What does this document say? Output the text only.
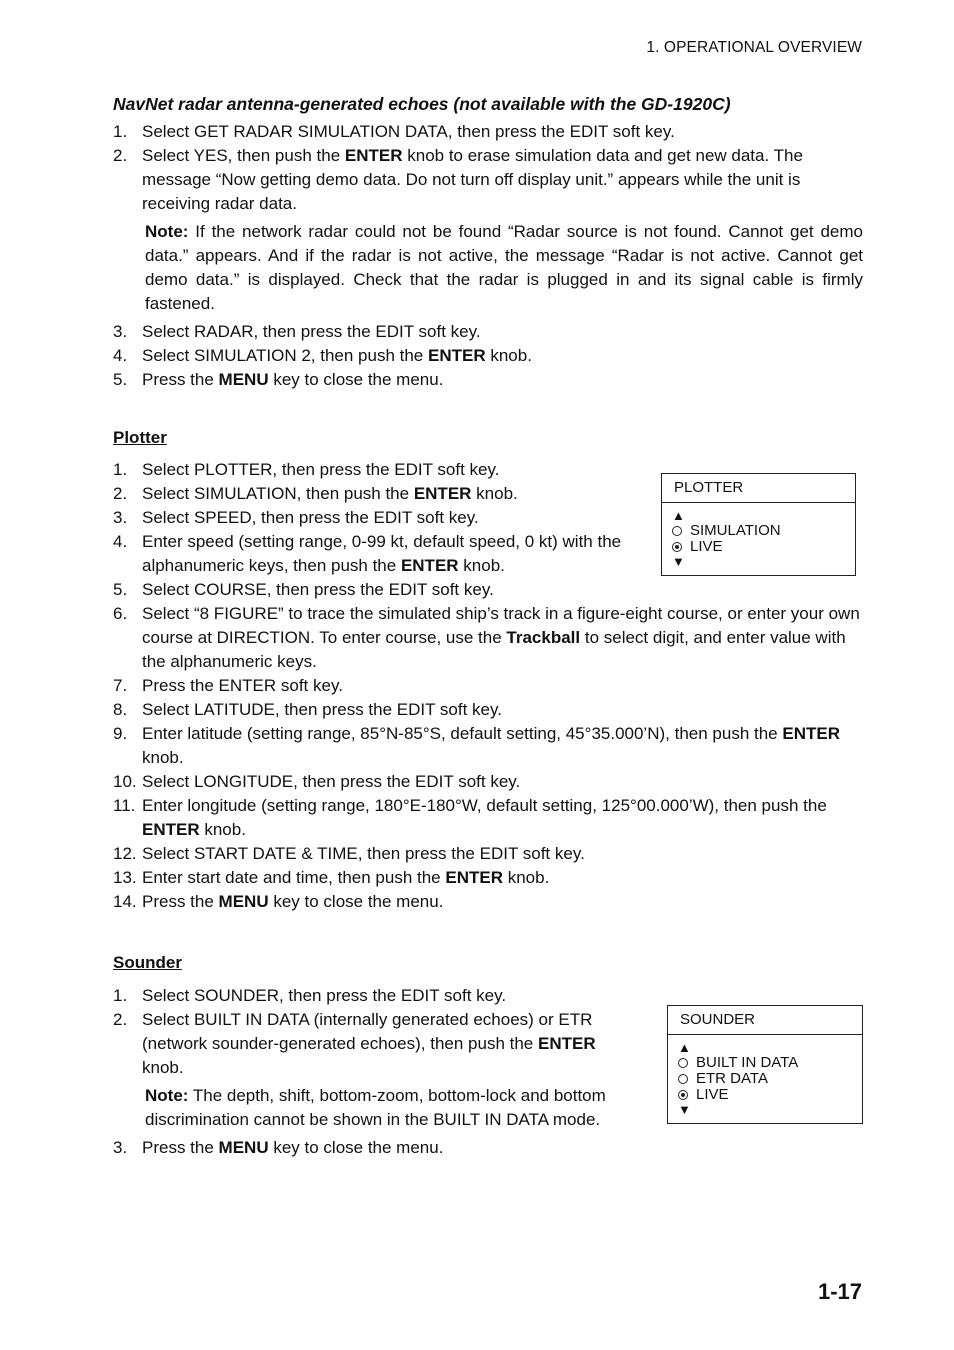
1. OPERATIONAL OVERVIEW
NavNet radar antenna-generated echoes (not available with the GD-1920C)
1. Select GET RADAR SIMULATION DATA, then press the EDIT soft key.
2. Select YES, then push the ENTER knob to erase simulation data and get new data. The message “Now getting demo data. Do not turn off display unit.” appears while the unit is receiving radar data.
Note: If the network radar could not be found “Radar source is not found. Cannot get demo data.” appears. And if the radar is not active, the message “Radar is not active. Cannot get demo data.” is displayed. Check that the radar is plugged in and its signal cable is firmly fastened.
3. Select RADAR, then press the EDIT soft key.
4. Select SIMULATION 2, then push the ENTER knob.
5. Press the MENU key to close the menu.
Plotter
1. Select PLOTTER, then press the EDIT soft key.
2. Select SIMULATION, then push the ENTER knob.
3. Select SPEED, then press the EDIT soft key.
4. Enter speed (setting range, 0-99 kt, default speed, 0 kt) with the alphanumeric keys, then push the ENTER knob.
5. Select COURSE, then press the EDIT soft key.
6. Select “8 FIGURE” to trace the simulated ship’s track in a figure-eight course, or enter your own course at DIRECTION. To enter course, use the Trackball to select digit, and enter value with the alphanumeric keys.
7. Press the ENTER soft key.
8. Select LATITUDE, then press the EDIT soft key.
9. Enter latitude (setting range, 85°N-85°S, default setting, 45°35.000’N), then push the ENTER knob.
10. Select LONGITUDE, then press the EDIT soft key.
11. Enter longitude (setting range, 180°E-180°W, default setting, 125°00.000’W), then push the ENTER knob.
12. Select START DATE & TIME, then press the EDIT soft key.
13. Enter start date and time, then push the ENTER knob.
14. Press the MENU key to close the menu.
PLOTTER
▲
SIMULATION
LIVE
▼
Sounder
1. Select SOUNDER, then press the EDIT soft key.
2. Select BUILT IN DATA (internally generated echoes) or ETR (network sounder-generated echoes), then push the ENTER knob.
Note: The depth, shift, bottom-zoom, bottom-lock and bottom discrimination cannot be shown in the BUILT IN DATA mode.
3. Press the MENU key to close the menu.
SOUNDER
▲
BUILT IN DATA
ETR DATA
LIVE
▼
1-17
